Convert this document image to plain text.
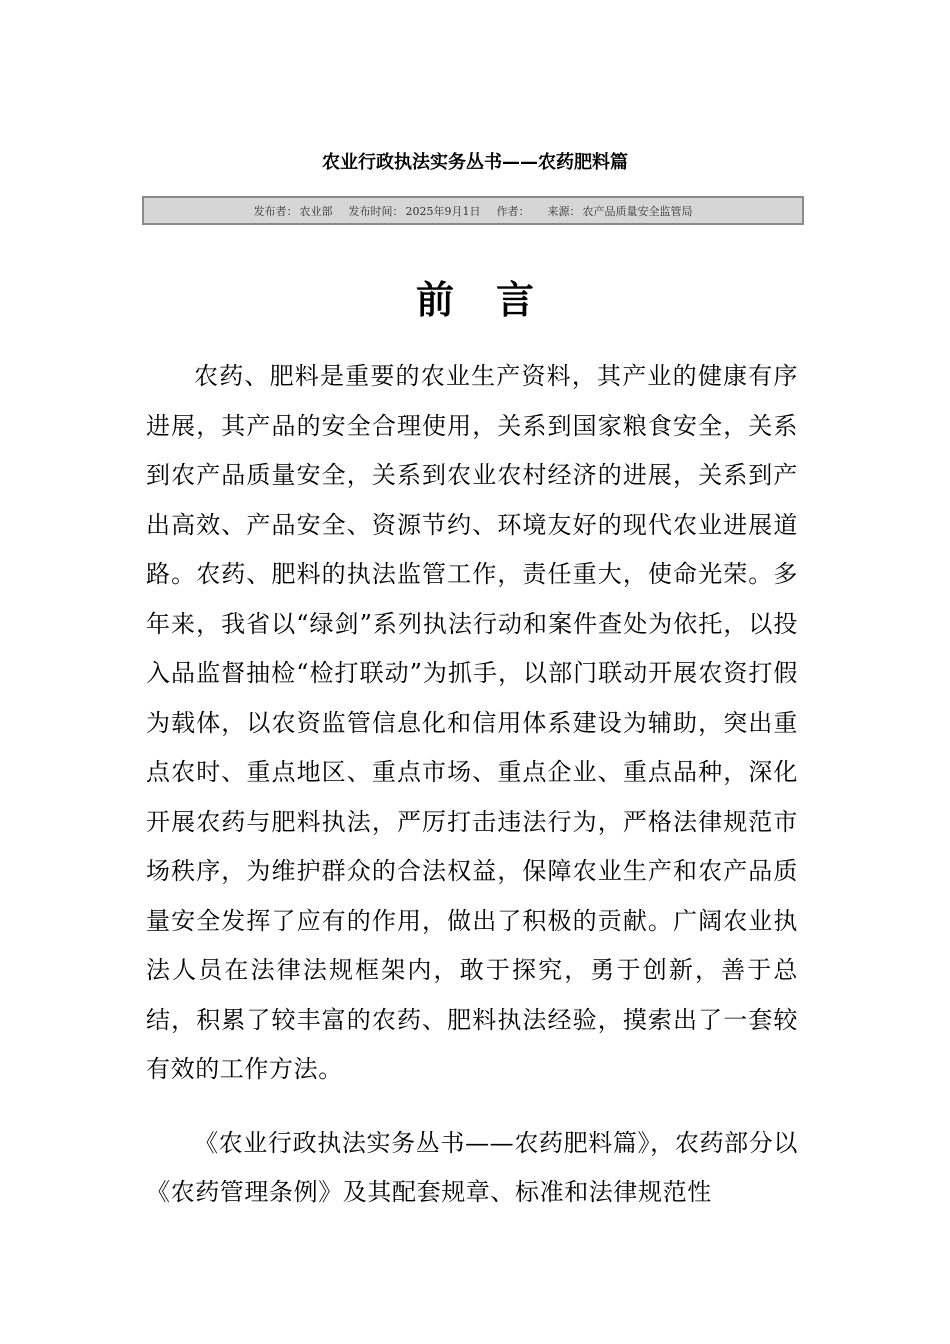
农业行政执法实务丛书——农药肥料篇
发布者： 农业部 发布时间： 2025年9月1日 作者： 来源： 农产品质量安全监管局
前 言

农药、肥料是重要的农业生产资料，其产业的健康有序进展，其产品的安全合理使用，关系到国家粮食安全，关系到农产品质量安全，关系到农业农村经济的进展，关系到产出高效、产品安全、资源节约、环境友好的现代农业进展道路。农药、肥料的执法监管工作，责任重大，使命光荣。多年来，我省以“绿剑”系列执法行动和案件查处为依托，以投入品监督抽检“检打联动”为抓手，以部门联动开展农资打假为载体，以农资监管信息化和信用体系建设为辅助，突出重点农时、重点地区、重点市场、重点企业、重点品种，深化开展农药与肥料执法，严厉打击违法行为，严格法律规范市场秩序，为维护群众的合法权益，保障农业生产和农产品质量安全发挥了应有的作用，做出了积极的贡献。广阔农业执法人员在法律法规框架内，敢于探究，勇于创新，善于总结，积累了较丰富的农药、肥料执法经验，摸索出了一套较有效的工作方法。

《农业行政执法实务丛书——农药肥料篇》，农药部分以《农药管理条例》及其配套规章、标准和法律规范性
